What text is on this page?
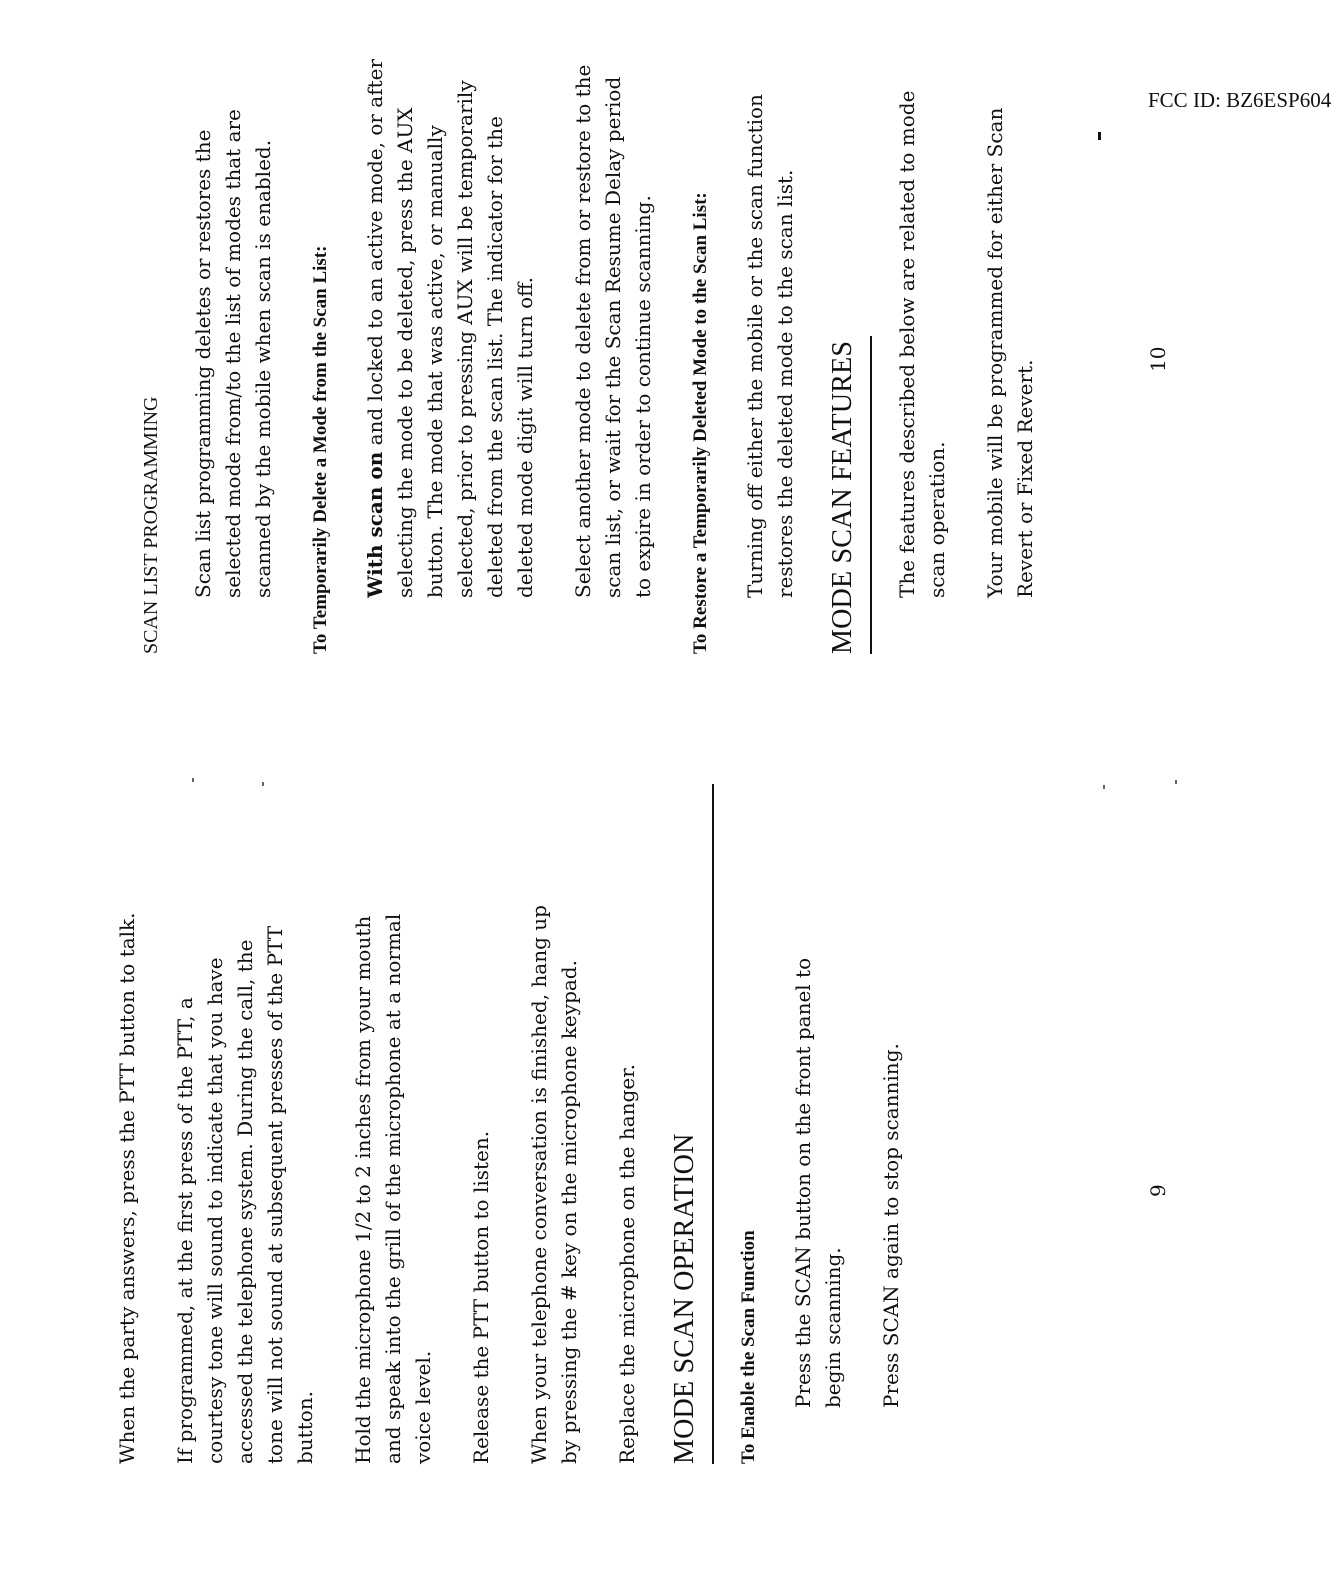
FCC ID: BZ6ESP604

When the party answers, press the PTT button to talk. If programmed, at the first press of the PTT, a courtesy tone will sound to indicate that you have accessed the telephone system. During the call, the tone will not sound at subsequent presses of the PTT button. Hold the microphone 1/2 to 2 inches from your mouth and speak into the grill of the microphone at a normal voice level. Release the PTT button to listen. When your telephone conversation is finished, hang up by pressing the # key on the microphone keypad. Replace the microphone on the hanger. MODE SCAN OPERATION	To Enable the Scan Function Press the SCAN button on the front panel to begin scanning. Press SCAN again to stop scanning.

SCAN LIST PROGRAMMING Scan list programming deletes or restores the selected mode from/to the list of modes that are scanned by the mobile when scan is enabled. To Temporarily Delete a Mode from the Scan List: With scan on and locked to an active mode, or after selecting the mode to be deleted, press the AUX button. The mode that was active, or manually selected, prior to pressing AUX will be temporarily deleted from the scan list. The indicator for the deleted mode digit will turn off. Select another mode to delete from or restore to the scan list, or wait for the Scan Resume Delay period to expire in order to continue scanning. To Restore a Temporarily Deleted Mode to the Scan List: Turning off either the mobile or the scan function restores the deleted mode to the scan list. MODE SCAN FEATURES	The features described below are related to mode scan operation. Your mobile will be programmed for either Scan Revert or Fixed Revert.

9
10
